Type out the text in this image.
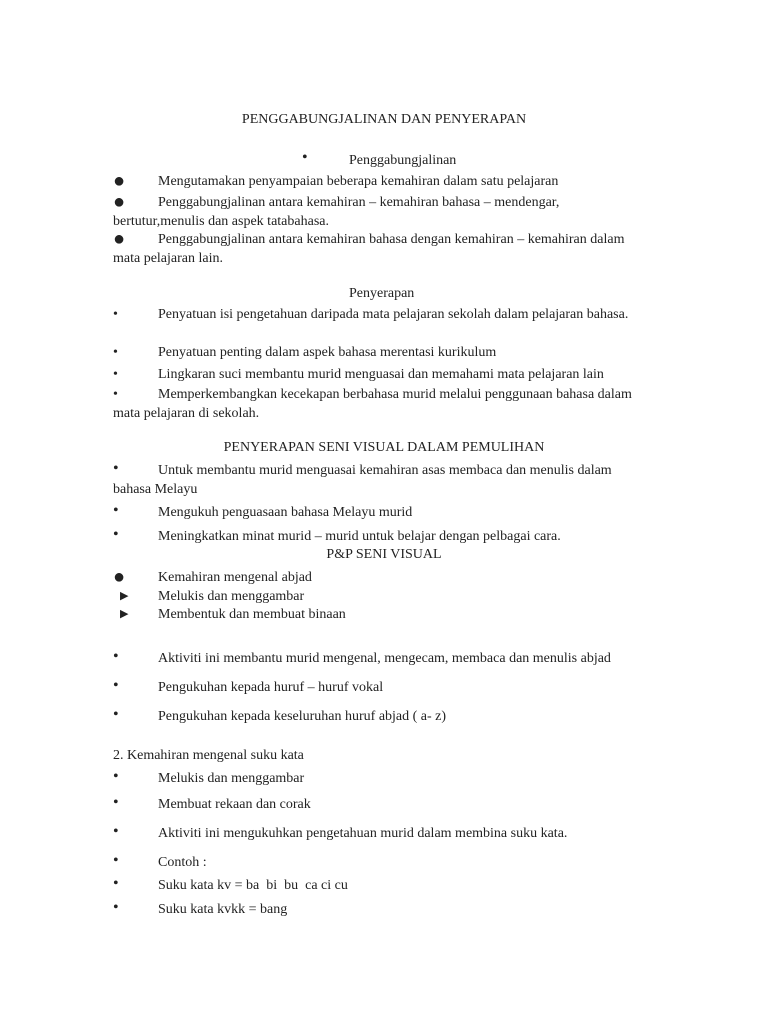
PENGGABUNGJALINAN DAN PENYERAPAN
•	Penggabungjalinan
●	Mengutamakan penyampaian beberapa kemahiran dalam satu pelajaran
●	Penggabungjalinan antara kemahiran – kemahiran bahasa – mendengar, bertutur,menulis dan aspek tatabahasa.
●	Penggabungjalinan antara kemahiran bahasa dengan kemahiran – kemahiran dalam mata pelajaran lain.
Penyerapan
•	Penyatuan isi pengetahuan daripada mata pelajaran sekolah dalam pelajaran bahasa.
•	Penyatuan penting dalam aspek bahasa merentasi kurikulum
•	Lingkaran suci membantu murid menguasai dan memahami mata pelajaran lain
•	Memperkembangkan kecekapan berbahasa murid melalui penggunaan bahasa dalam mata pelajaran di sekolah.
PENYERAPAN SENI VISUAL DALAM PEMULIHAN
•	Untuk membantu murid menguasai kemahiran asas membaca dan menulis dalam bahasa Melayu
•	Mengukuh penguasaan bahasa Melayu murid
•	Meningkatkan minat murid – murid untuk belajar dengan pelbagai cara.
P&P SENI VISUAL
●	Kemahiran mengenal abjad
▶	Melukis dan menggambar
▶	Membentuk dan membuat binaan
•	Aktiviti ini membantu murid mengenal, mengecam, membaca dan menulis abjad
•	Pengukuhan kepada huruf – huruf vokal
•	Pengukuhan kepada keseluruhan huruf abjad ( a- z)
2. Kemahiran mengenal suku kata
•	Melukis dan menggambar
•	Membuat rekaan dan corak
•	Aktiviti ini mengukuhkan pengetahuan murid dalam membina suku kata.
•	Contoh :
•	Suku kata kv = ba  bi  bu  ca ci cu
•	Suku kata kvkk = bang
